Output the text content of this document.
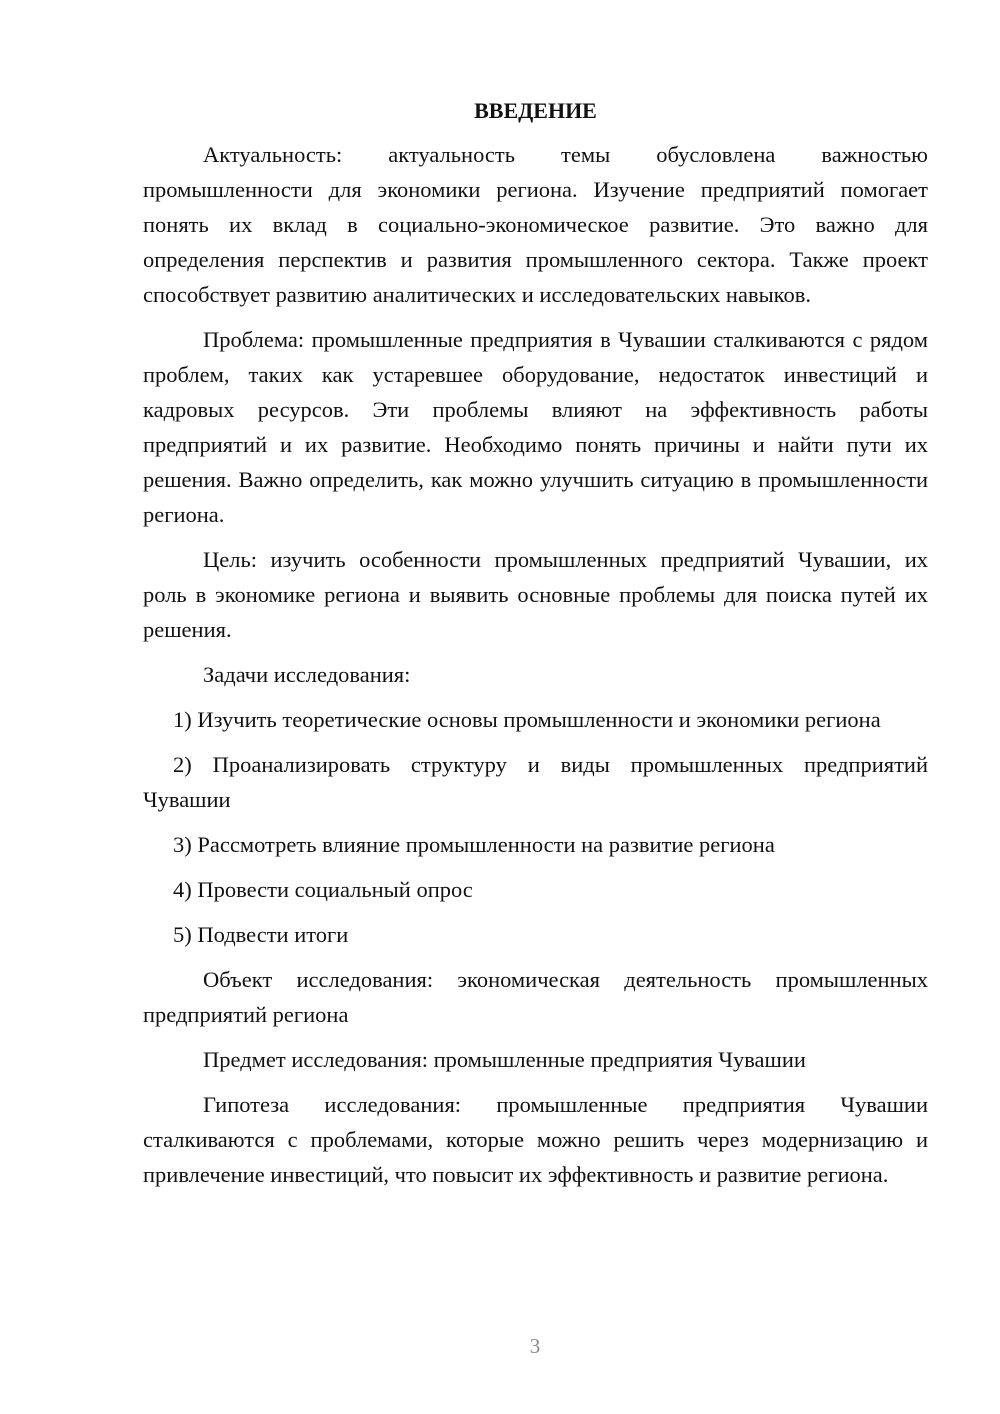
ВВЕДЕНИЕ

Актуальность: актуальность темы обусловлена важностью промышленности для экономики региона. Изучение предприятий помогает понять их вклад в социально-экономическое развитие. Это важно для определения перспектив и развития промышленного сектора. Также проект способствует развитию аналитических и исследовательских навыков.

Проблема: промышленные предприятия в Чувашии сталкиваются с рядом проблем, таких как устаревшее оборудование, недостаток инвестиций и кадровых ресурсов. Эти проблемы влияют на эффективность работы предприятий и их развитие. Необходимо понять причины и найти пути их решения. Важно определить, как можно улучшить ситуацию в промышленности региона.

Цель: изучить особенности промышленных предприятий Чувашии, их роль в экономике региона и выявить основные проблемы для поиска путей их решения.

Задачи исследования:

1) Изучить теоретические основы промышленности и экономики региона

2) Проанализировать структуру и виды промышленных предприятий Чувашии

3) Рассмотреть влияние промышленности на развитие региона

4) Провести социальный опрос

5) Подвести итоги

Объект исследования: экономическая деятельность промышленных предприятий региона

Предмет исследования: промышленные предприятия Чувашии

Гипотеза исследования: промышленные предприятия Чувашии сталкиваются с проблемами, которые можно решить через модернизацию и привлечение инвестиций, что повысит их эффективность и развитие региона.

3
